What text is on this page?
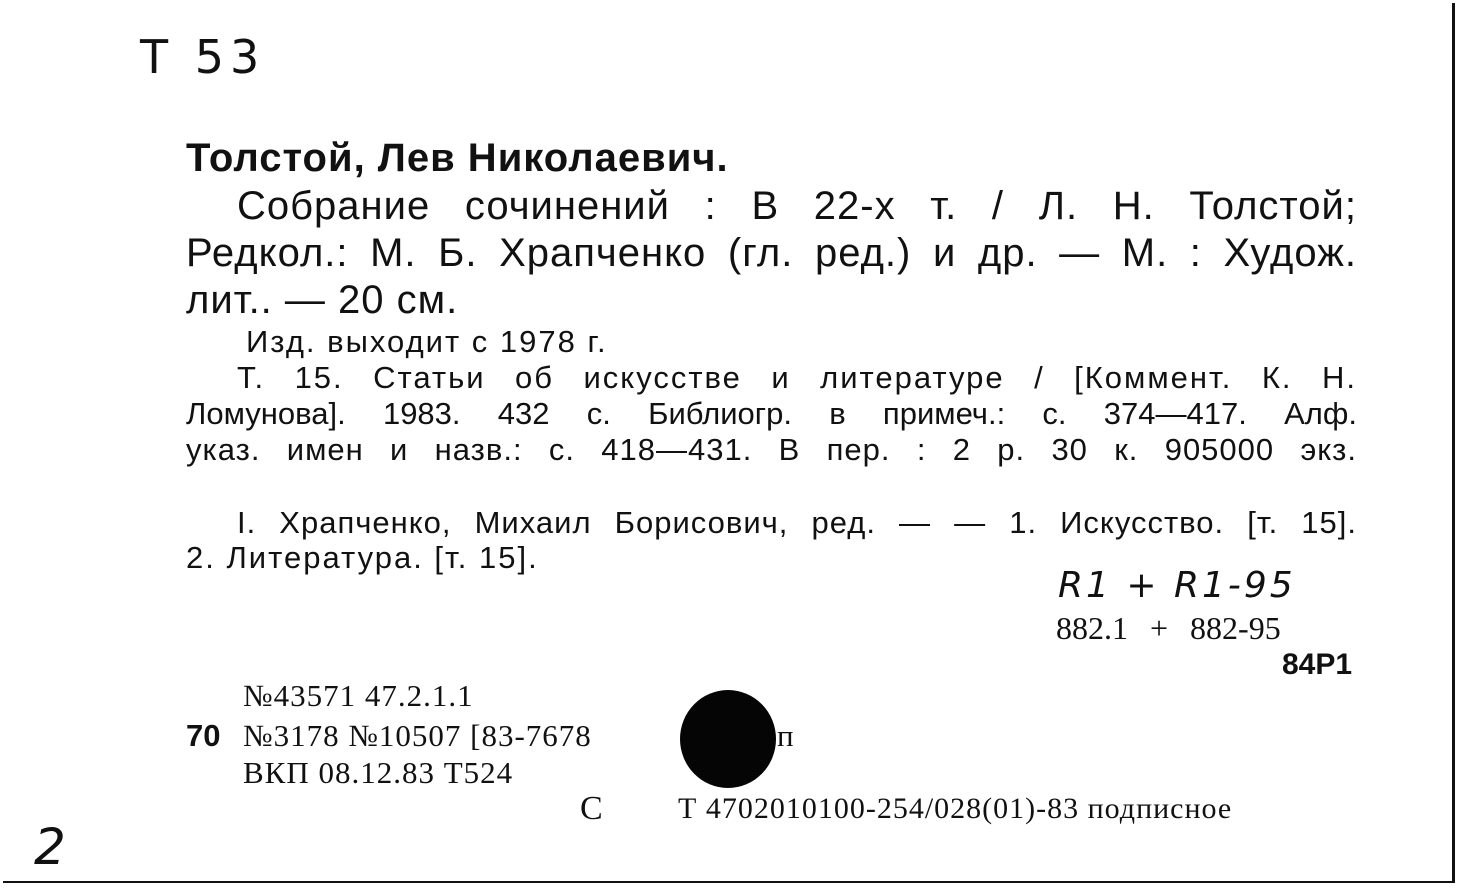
Т 53
Толстой, Лев Николаевич.
Собрание сочинений : В 22-х т. / Л. Н. Толстой;
Редкол.: М. Б. Храпченко (гл. ред.) и др. — М. : Худож.
лит.. — 20 см.
Изд. выходит с 1978 г.
Т. 15. Статьи об искусстве и литературе / [Коммент. К. Н.
Ломунова]. 1983. 432 с. Библиогр. в примеч.: с. 374—417. Алф.
указ. имен и назв.: с. 418—431. В пер. : 2 р. 30 к. 905000 экз.
I. Храпченко, Михаил Борисович, ред. — — 1. Искусство. [т. 15].
2. Литература. [т. 15].
R1 + R1-95
882.1 + 882-95
84Р1
№43571 47.2.1.1
70 №3178 №10507 [83-7678	п
ВКП 08.12.83 Т524
С	Т 4702010100-254/028(01)-83 подписное
2
